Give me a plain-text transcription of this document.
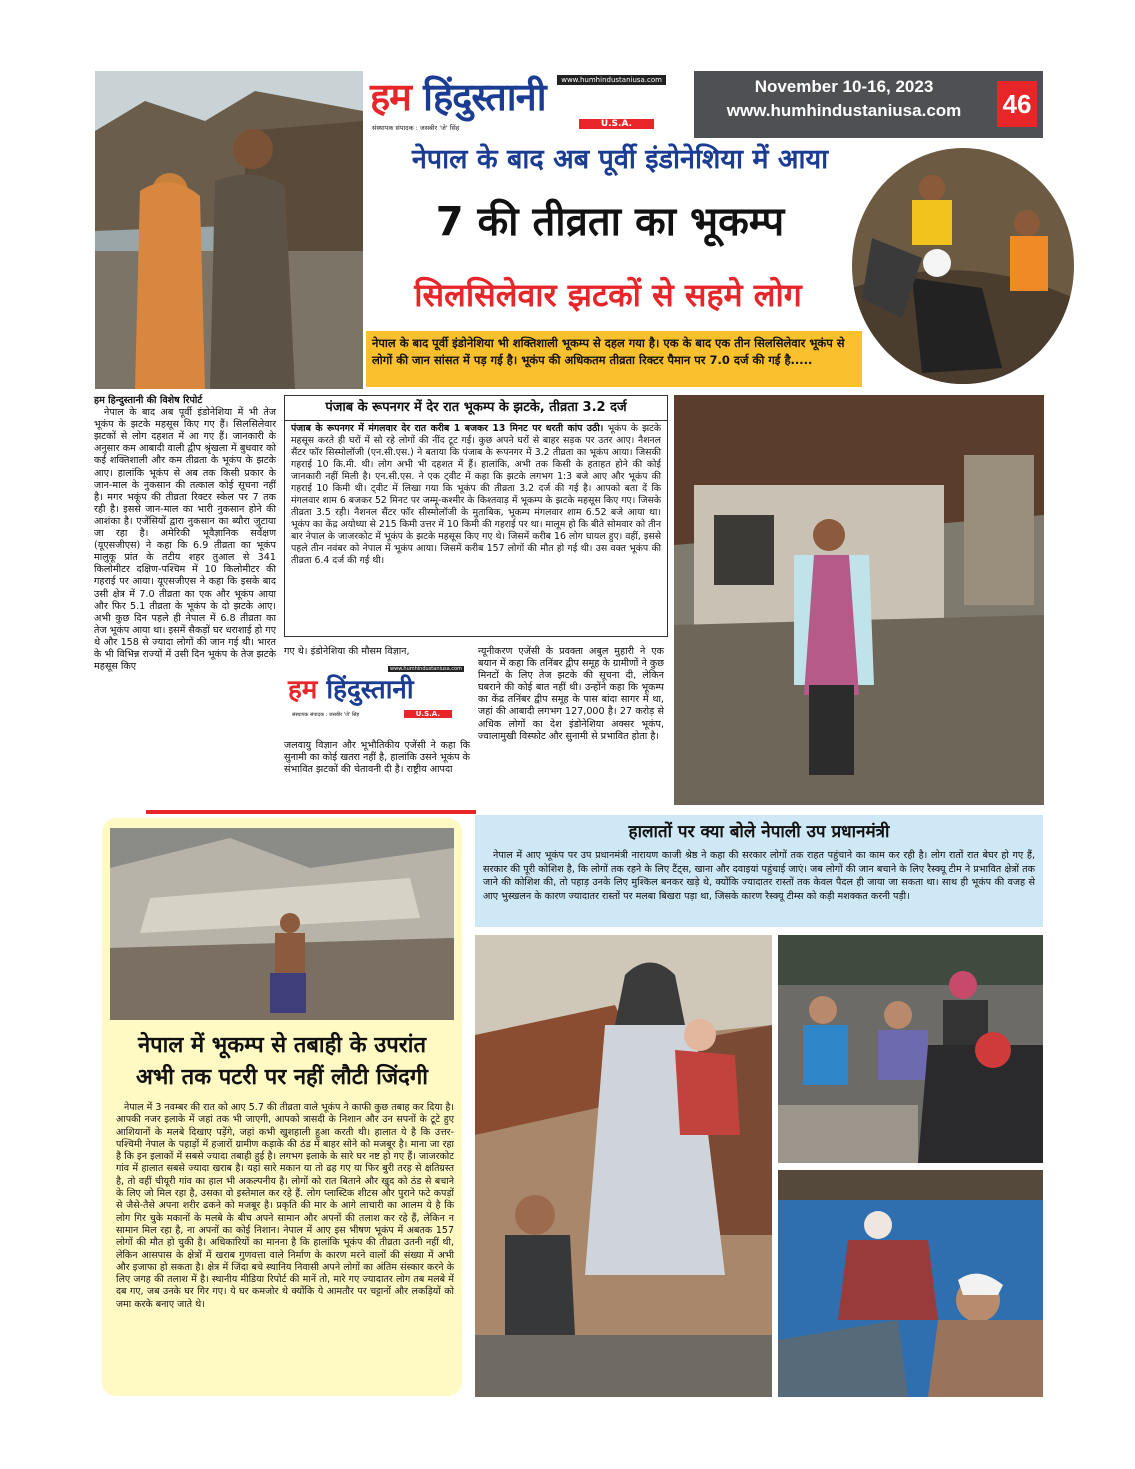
www.humhindustaniusa.com
हम हिंदुस्तानी
संस्थापक संपादक : जसबीर 'जे' सिंह	U.S.A.
November 10-16, 2023
www.humhindustaniusa.com	46

नेपाल के बाद अब पूर्वी इंडोनेशिया में आया

7 की तीव्रता का भूकम्प

सिलसिलेवार झटकों से सहमे लोग

नेपाल के बाद पूर्वी इंडोनेशिया भी शक्तिशाली भूकम्प से दहल गया है। एक के बाद एक तीन सिलसिलेवार भूकंप से लोगों की जान सांसत में पड़ गई है। भूकंप की अधिकतम तीव्रता रिक्टर पैमान पर 7.0 दर्ज की गई है.....

हम हिन्दुस्तानी की विशेष रिपोर्ट

नेपाल के बाद अब पूर्वी इंडोनेशिया में भी तेज भूकंप के झटके महसूस किए गए हैं। सिलसिलेवार झटकों से लोग दहशत में आ गए हैं। जानकारी के अनुसार कम आबादी वाली द्वीप श्रृंखला में बुधवार को कई शक्तिशाली और कम तीव्रता के भूकंप के झटके आए। हालांकि भूकंप से अब तक किसी प्रकार के जान-माल के नुकसान की तत्काल कोई सूचना नहीं है। मगर भकूंप की तीव्रता रिक्टर स्केल पर 7 तक रही है। इससे जान-माल का भारी नुकसान होने की आशंका है। एजेंसियों द्वारा नुकसान का ब्यौरा जुटाया जा रहा है। अमेरिकी भूवैज्ञानिक सर्वेक्षण (यूएसजीएस) ने कहा कि 6.9 तीव्रता का भूकंप मालुकू प्रांत के तटीय शहर तुआल से 341 किलोमीटर दक्षिण-पश्चिम में 10 किलोमीटर की गहराई पर आया। यूएसजीएस ने कहा कि इसके बाद उसी क्षेत्र में 7.0 तीव्रता का एक और भूकंप आया और फिर 5.1 तीव्रता के भूकंप के दो झटके आए। अभी कुछ दिन पहले ही नेपाल में 6.8 तीव्रता का तेज भूकंप आया था। इसमें सैकड़ों घर धराशाई हो गए थे और 158 से ज्यादा लोगों की जान गई थी। भारत के भी विभिन्न राज्यों में उसी दिन भूकंप के तेज झटके महसूस किए

पंजाब के रूपनगर में देर रात भूकम्प के झटके, तीव्रता 3.2 दर्ज

पंजाब के रूपनगर में मंगलवार देर रात करीब 1 बजकर 13 मिनट पर धरती कांप उठी। भूकंप के झटके महसूस करते ही घरों में सो रहे लोगों की नींद टूट गई। कुछ अपने घरों से बाहर सड़क पर उतर आए। नैशनल सैंटर फॉर सिस्मोलॉजी (एन.सी.एस.) ने बताया कि पंजाब के रूपनगर में 3.2 तीव्रता का भूकंप आया। जिसकी गहराई 10 कि.मी. थी। लोग अभी भी दहशत में हैं। हालांकि, अभी तक किसी के हताहत होने की कोई जानकारी नहीं मिली है। एन.सी.एस. ने एक ट्वीट में कहा कि झटके लगभग 1:3 बजे आए और भूकंप की गहराई 10 किमी थी। ट्वीट में लिखा गया कि भूकंप की तीव्रता 3.2 दर्ज की गई है। आपको बता दें कि मंगलवार शाम 6 बजकर 52 मिनट पर जम्मू-कश्मीर के किश्तवाड़ में भूकम्प के झटके महसूस किए गए। जिसके तीव्रता 3.5 रही। नैशनल सैंटर फॉर सीस्मोलॉजी के मुताबिक, भूकम्प मंगलवार शाम 6.52 बजे आया था। भूकंप का केंद्र अयोध्या से 215 किमी उत्तर में 10 किमी की गहराई पर था। मालूम हो कि बीते सोमवार को तीन बार नेपाल के जाजरकोट में भूकंप के झटके महसूस किए गए थे। जिसमें करीब 16 लोग घायल हुए। वहीं, इससे पहले तीन नवंबर को नेपाल में भूकंप आया। जिसमें करीब 157 लोगों की मौत हो गई थी। उस वक्त भूकंप की तीव्रता 6.4 दर्ज की गई थी।

गए थे। इंडोनेशिया की मौसम विज्ञान,

हम हिंदुस्तानी
www.humhindustaniusa.com
संस्थापक संपादक : जसबीर 'जे' सिंह	U.S.A.

जलवायु विज्ञान और भूभौतिकीय एजेंसी ने कहा कि सुनामी का कोई खतरा नहीं है, हालांकि उसने भूकंप के संभावित झटकों की चेतावनी दी है। राष्ट्रीय आपदा

न्यूनीकरण एजेंसी के प्रवक्ता अबुल मुहारी ने एक बयान में कहा कि तनिंबर द्वीप समूह के ग्रामीणों ने कुछ मिनटों के लिए तेज झटके की सूचना दी, लेकिन घबराने की कोई बात नहीं थी। उन्होंने कहा कि भूकम्प का केंद्र तनिंबर द्वीप समूह के पास बांदा सागर में था, जहां की आबादी लगभग 127,000 है। 27 करोड़ से अधिक लोगों का देश इंडोनेशिया अक्सर भूकंप, ज्वालामुखी विस्फोट और सुनामी से प्रभावित होता है।

नेपाल में भूकम्प से तबाही के उपरांत

अभी तक पटरी पर नहीं लौटी जिंदगी

नेपाल में 3 नवम्बर की रात को आए 5.7 की तीव्रता वाले भूकंप ने काफी कुछ तबाह कर दिया है। आपकी नजर इलाके में जहां तक भी जाएगी, आपको त्रासदी के निशान और उन सपनों के टूटे हुए आशियानों के मलबे दिखाए पड़ेंगे, जहां कभी खुशहाली हुआ करती थी। हालात ये है कि उत्तर-पश्चिमी नेपाल के पहाड़ों में हजारों ग्रामीण कड़ाके की ठंड में बाहर सोने को मजबूर है। माना जा रहा है कि इन इलाकों में सबसे ज्यादा तबाही हुई है। लगभग इलाके के सारे घर नष्ट हो गए हैं। जाजरकोट गांव में हालात सबसे ज्यादा खराब है। यहां सारे मकान या तो ढह गए या फिर बुरी तरह से क्षतिग्रस्त है, तो वहीं चीयूरी गांव का हाल भी अकल्पनीय है। लोगों को रात बिताने और खुद को ठंड से बचाने के लिए जो मिल रहा है, उसका वो इस्तेमाल कर रहे हैं. लोग प्लास्टिक शीटस और पुराने फटे कपड़ों से जैसे-तैसे अपना शरीर ढकने को मजबूर है। प्रकृति की मार के आगे लाचारी का आलम ये है कि लोग गिर चुके मकानों के मलबे के बीच अपने सामान और अपनों की तलाश कर रहे हैं, लेकिन न सामान मिल रहा है, ना अपनों का कोई निशान। नेपाल में आए इस भीषण भूकंप में अबतक 157 लोगों की मौत हो चुकी है। अधिकारियों का मानना है कि हालांकि भूकंप की तीव्रता उतनी नहीं थी, लेकिन आसपास के क्षेत्रों में खराब गुणवत्ता वाले निर्माण के कारण मरने वालों की संख्या में अभी और इजाफा हो सकता है। क्षेत्र में जिंदा बचे स्थानिय निवासी अपने लोगों का अंतिम संस्कार करने के लिए जगह की तलाश में है। स्थानीय मीडिया रिपोर्ट की मानें तो, मारे गए ज्यादातर लोग तब मलबे में दब गए, जब उनके घर गिर गए। ये घर कमजोर थे क्योंकि ये आमतौर पर चट्टानों और लकड़ियों को जमा करके बनाए जाते थे।

हालातों पर क्या बोले नेपाली उप प्रधानमंत्री

नेपाल में आए भूकंप पर उप प्रधानमंत्री नारायण काजी श्रेष्ठ ने कहा की सरकार लोगों तक राहत पहुंचाने का काम कर रही है। लोग रातों रात बेघर हो गए हैं, सरकार की पूरी कोशिश है, कि लोगों तक रहने के लिए टैंट्स, खाना और दवाइयां पहुंचाई जाएं। जब लोगों की जान बचाने के लिए रैस्क्यू टीम ने प्रभावित क्षेत्रों तक जाने की कोशिश की, तो पहाड़ उनके लिए मुश्किल बनकर खड़े थे, क्योंकि ज्यादातर रास्तों तक केवल पैदल ही जाया जा सकता था। साथ ही भूकंप की वजह से आए भुस्खलन के कारण ज्यादातर रास्तों पर मलबा बिखरा पड़ा था, जिसके कारण रैस्क्यू टीम्स को कड़ी मशक्कत करनी पड़ी।
